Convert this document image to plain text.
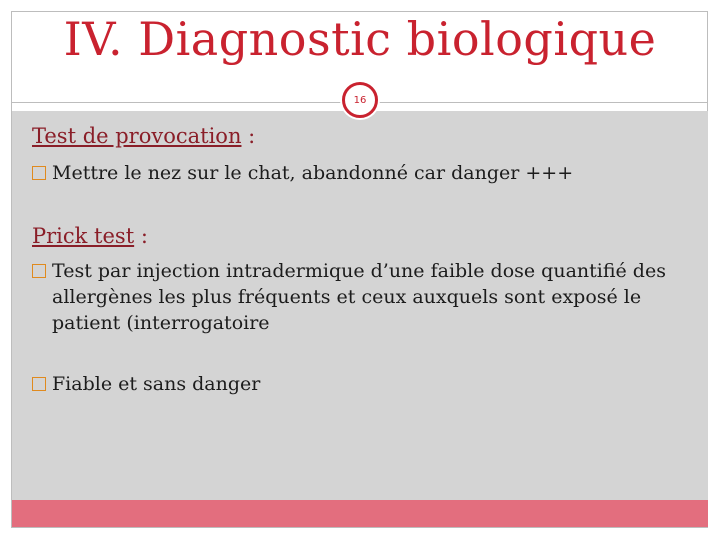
IV. Diagnostic biologique
16
Test de provocation :
Mettre le nez sur le chat, abandonné car danger +++
Prick test :
Test par injection intradermique d’une faible dose quantifié des allergènes les plus fréquents et ceux auxquels sont exposé le patient (interrogatoire
Fiable et sans danger
